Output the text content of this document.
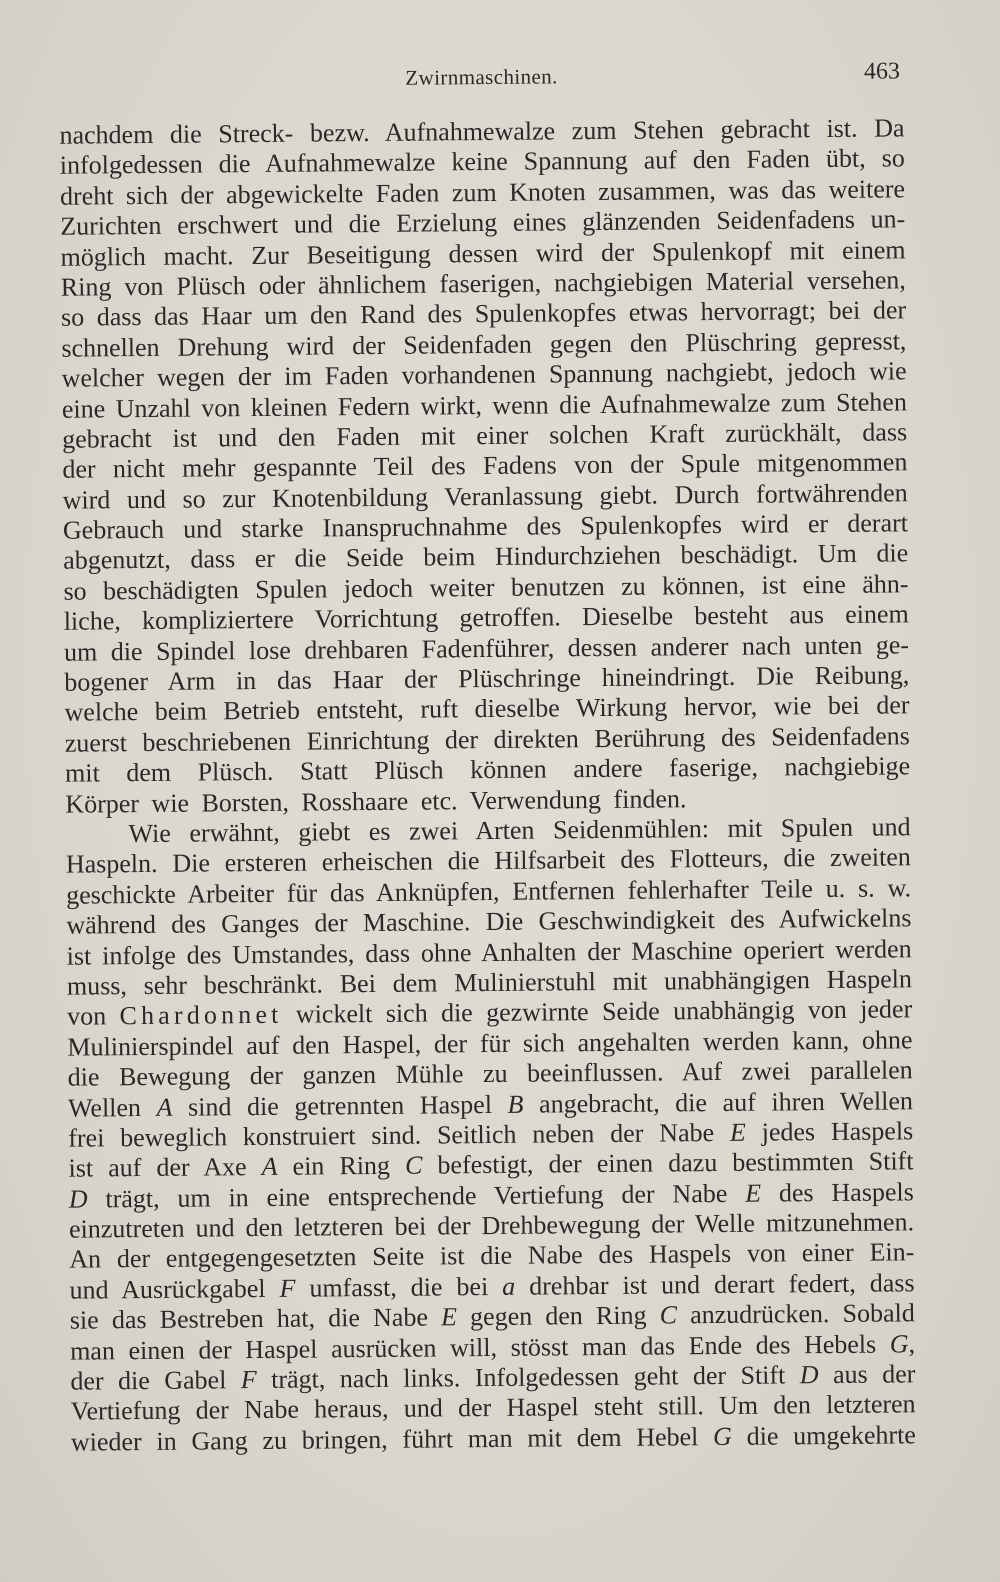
Zwirnmaschinen.	463
nachdem die Streck- bezw. Aufnahmewalze zum Stehen gebracht ist. Da
infolgedessen die Aufnahmewalze keine Spannung auf den Faden übt, so
dreht sich der abgewickelte Faden zum Knoten zusammen, was das weitere
Zurichten erschwert und die Erzielung eines glänzenden Seidenfadens un-
möglich macht. Zur Beseitigung dessen wird der Spulenkopf mit einem
Ring von Plüsch oder ähnlichem faserigen, nachgiebigen Material versehen,
so dass das Haar um den Rand des Spulenkopfes etwas hervorragt; bei der
schnellen Drehung wird der Seidenfaden gegen den Plüschring gepresst,
welcher wegen der im Faden vorhandenen Spannung nachgiebt, jedoch wie
eine Unzahl von kleinen Federn wirkt, wenn die Aufnahmewalze zum Stehen
gebracht ist und den Faden mit einer solchen Kraft zurückhält, dass
der nicht mehr gespannte Teil des Fadens von der Spule mitgenommen
wird und so zur Knotenbildung Veranlassung giebt. Durch fortwährenden
Gebrauch und starke Inanspruchnahme des Spulenkopfes wird er derart
abgenutzt, dass er die Seide beim Hindurchziehen beschädigt. Um die
so beschädigten Spulen jedoch weiter benutzen zu können, ist eine ähn-
liche, kompliziertere Vorrichtung getroffen. Dieselbe besteht aus einem
um die Spindel lose drehbaren Fadenführer, dessen anderer nach unten ge-
bogener Arm in das Haar der Plüschringe hineindringt. Die Reibung,
welche beim Betrieb entsteht, ruft dieselbe Wirkung hervor, wie bei der
zuerst beschriebenen Einrichtung der direkten Berührung des Seidenfadens
mit dem Plüsch. Statt Plüsch können andere faserige, nachgiebige
Körper wie Borsten, Rosshaare etc. Verwendung finden.
Wie erwähnt, giebt es zwei Arten Seidenmühlen: mit Spulen und
Haspeln. Die ersteren erheischen die Hilfsarbeit des Flotteurs, die zweiten
geschickte Arbeiter für das Anknüpfen, Entfernen fehlerhafter Teile u. s. w.
während des Ganges der Maschine. Die Geschwindigkeit des Aufwickelns
ist infolge des Umstandes, dass ohne Anhalten der Maschine operiert werden
muss, sehr beschränkt. Bei dem Mulinierstuhl mit unabhängigen Haspeln
von Chardonnet wickelt sich die gezwirnte Seide unabhängig von jeder
Mulinierspindel auf den Haspel, der für sich angehalten werden kann, ohne
die Bewegung der ganzen Mühle zu beeinflussen. Auf zwei parallelen
Wellen A sind die getrennten Haspel B angebracht, die auf ihren Wellen
frei beweglich konstruiert sind. Seitlich neben der Nabe E jedes Haspels
ist auf der Axe A ein Ring C befestigt, der einen dazu bestimmten Stift
D trägt, um in eine entsprechende Vertiefung der Nabe E des Haspels
einzutreten und den letzteren bei der Drehbewegung der Welle mitzunehmen.
An der entgegengesetzten Seite ist die Nabe des Haspels von einer Ein-
und Ausrückgabel F umfasst, die bei a drehbar ist und derart federt, dass
sie das Bestreben hat, die Nabe E gegen den Ring C anzudrücken. Sobald
man einen der Haspel ausrücken will, stösst man das Ende des Hebels G,
der die Gabel F trägt, nach links. Infolgedessen geht der Stift D aus der
Vertiefung der Nabe heraus, und der Haspel steht still. Um den letzteren
wieder in Gang zu bringen, führt man mit dem Hebel G die umgekehrte
